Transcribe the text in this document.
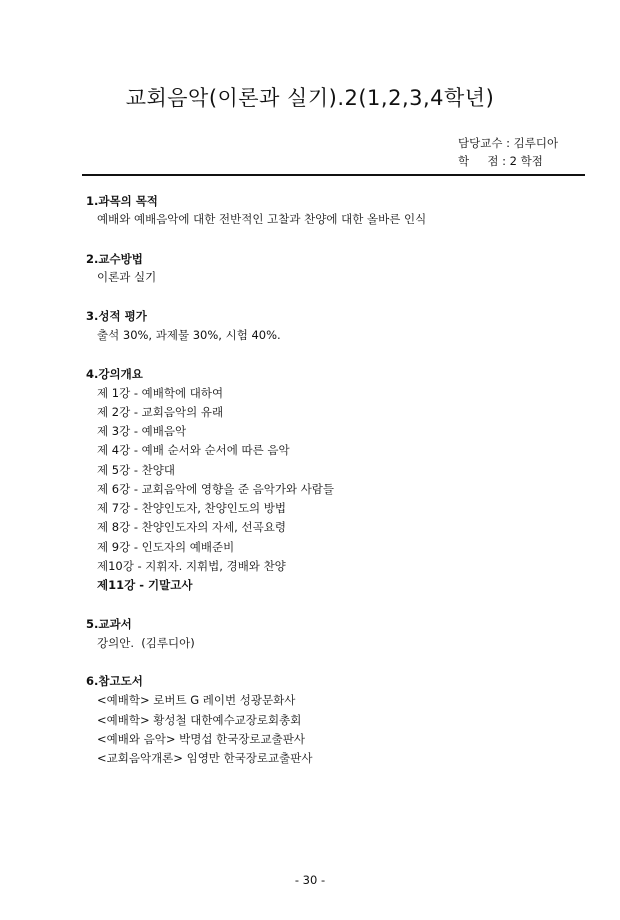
교회음악(이론과 실기).2(1,2,3,4학년)
담당교수 : 김루디아
학     점 : 2 학점
1.과목의 목적
예배와 예배음악에 대한 전반적인 고찰과 찬양에 대한 올바른 인식
2.교수방법
이론과 실기
3.성적 평가
출석 30%, 과제물 30%, 시험 40%.
4.강의개요
제 1강 - 예배학에 대하여
제 2강 - 교회음악의 유래
제 3강 - 예배음악
제 4강 - 예배 순서와 순서에 따른 음악
제 5강 - 찬양대
제 6강 - 교회음악에 영향을 준 음악가와 사람들
제 7강 - 찬양인도자, 찬양인도의 방법
제 8강 - 찬양인도자의 자세, 선곡요령
제 9강 - 인도자의 예배준비
제10강 - 지휘자. 지휘법, 경배와 찬양
제11강 - 기말고사
5.교과서
강의안.  (김루디아)
6.참고도서
<예배학> 로버트 G 레이번 성광문화사
<예배학> 황성철 대한예수교장로회총회
<예배와 음악> 박명섭 한국장로교출판사
<교회음악개론> 임영만 한국장로교출판사
- 30 -
